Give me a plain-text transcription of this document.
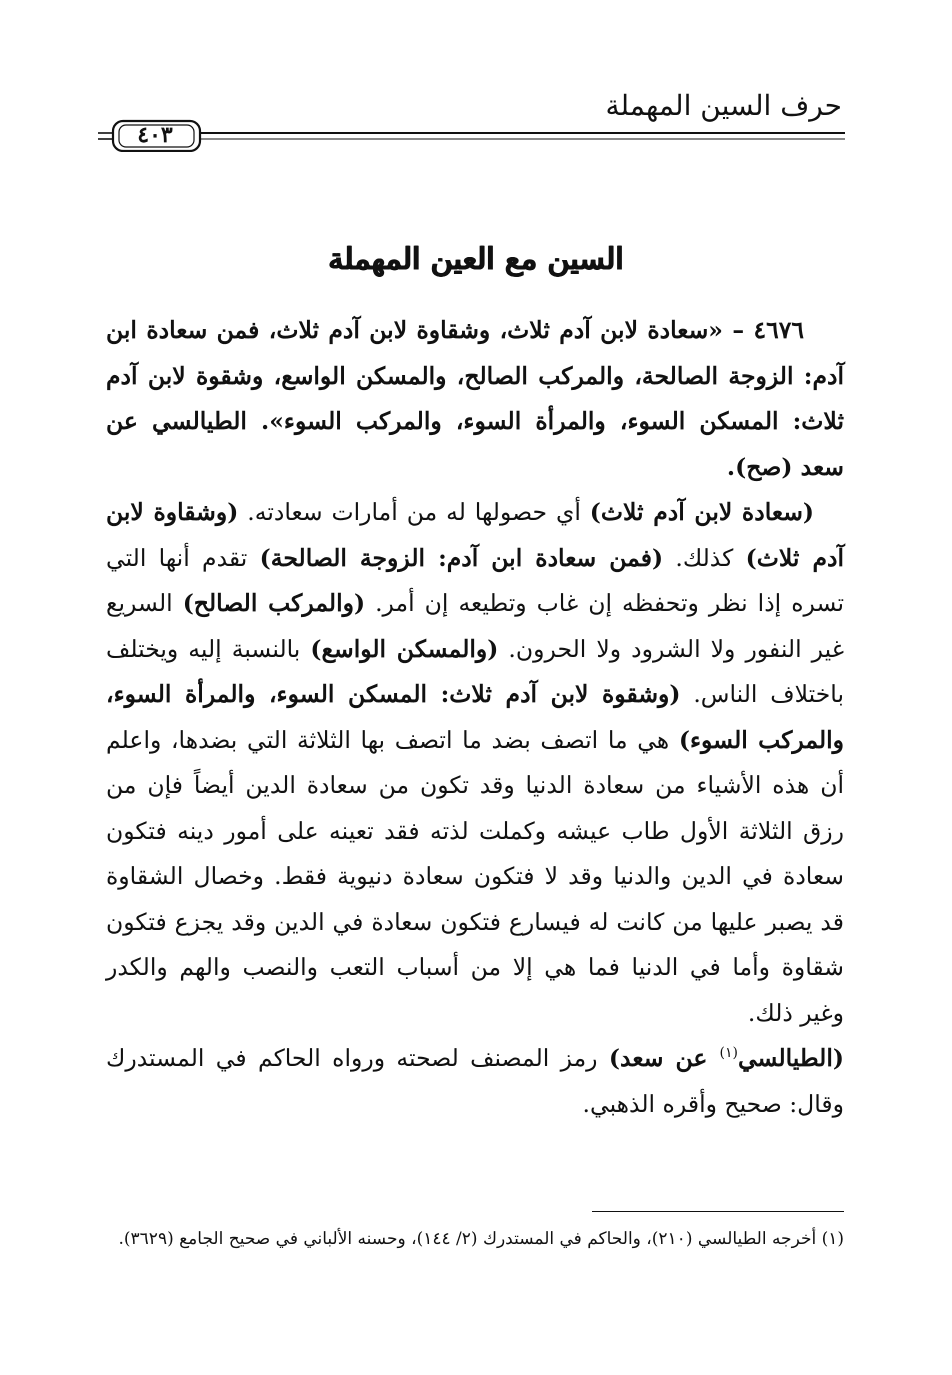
حرف السين المهملة
٤٠٣
السين مع العين المهملة

٤٦٧٦ – «سعادة لابن آدم ثلاث، وشقاوة لابن آدم ثلاث، فمن سعادة ابن آدم: الزوجة الصالحة، والمركب الصالح، والمسكن الواسع، وشقوة لابن آدم ثلاث: المسكن السوء، والمرأة السوء، والمركب السوء». الطيالسي عن سعد (صح).

(سعادة لابن آدم ثلاث) أي حصولها له من أمارات سعادته. (وشقاوة لابن آدم ثلاث) كذلك. (فمن سعادة ابن آدم: الزوجة الصالحة) تقدم أنها التي تسره إذا نظر وتحفظه إن غاب وتطيعه إن أمر. (والمركب الصالح) السريع غير النفور ولا الشرود ولا الحرون. (والمسكن الواسع) بالنسبة إليه ويختلف باختلاف الناس. (وشقوة لابن آدم ثلاث: المسكن السوء، والمرأة السوء، والمركب السوء) هي ما اتصف بضد ما اتصف بها الثلاثة التي بضدها، واعلم أن هذه الأشياء من سعادة الدنيا وقد تكون من سعادة الدين أيضاً فإن من رزق الثلاثة الأول طاب عيشه وكملت لذته فقد تعينه على أمور دينه فتكون سعادة في الدين والدنيا وقد لا فتكون سعادة دنيوية فقط. وخصال الشقاوة قد يصبر عليها من كانت له فيسارع فتكون سعادة في الدين وقد يجزع فتكون شقاوة وأما في الدنيا فما هي إلا من أسباب التعب والنصب والهم والكدر وغير ذلك.

(الطيالسي$^{(١)}$ عن سعد) رمز المصنف لصحته ورواه الحاكم في المستدرك وقال: صحيح وأقره الذهبي.

(١) أخرجه الطيالسي (٢١٠)، والحاكم في المستدرك (٢/ ١٤٤)، وحسنه الألباني في صحيح الجامع (٣٦٢٩).
